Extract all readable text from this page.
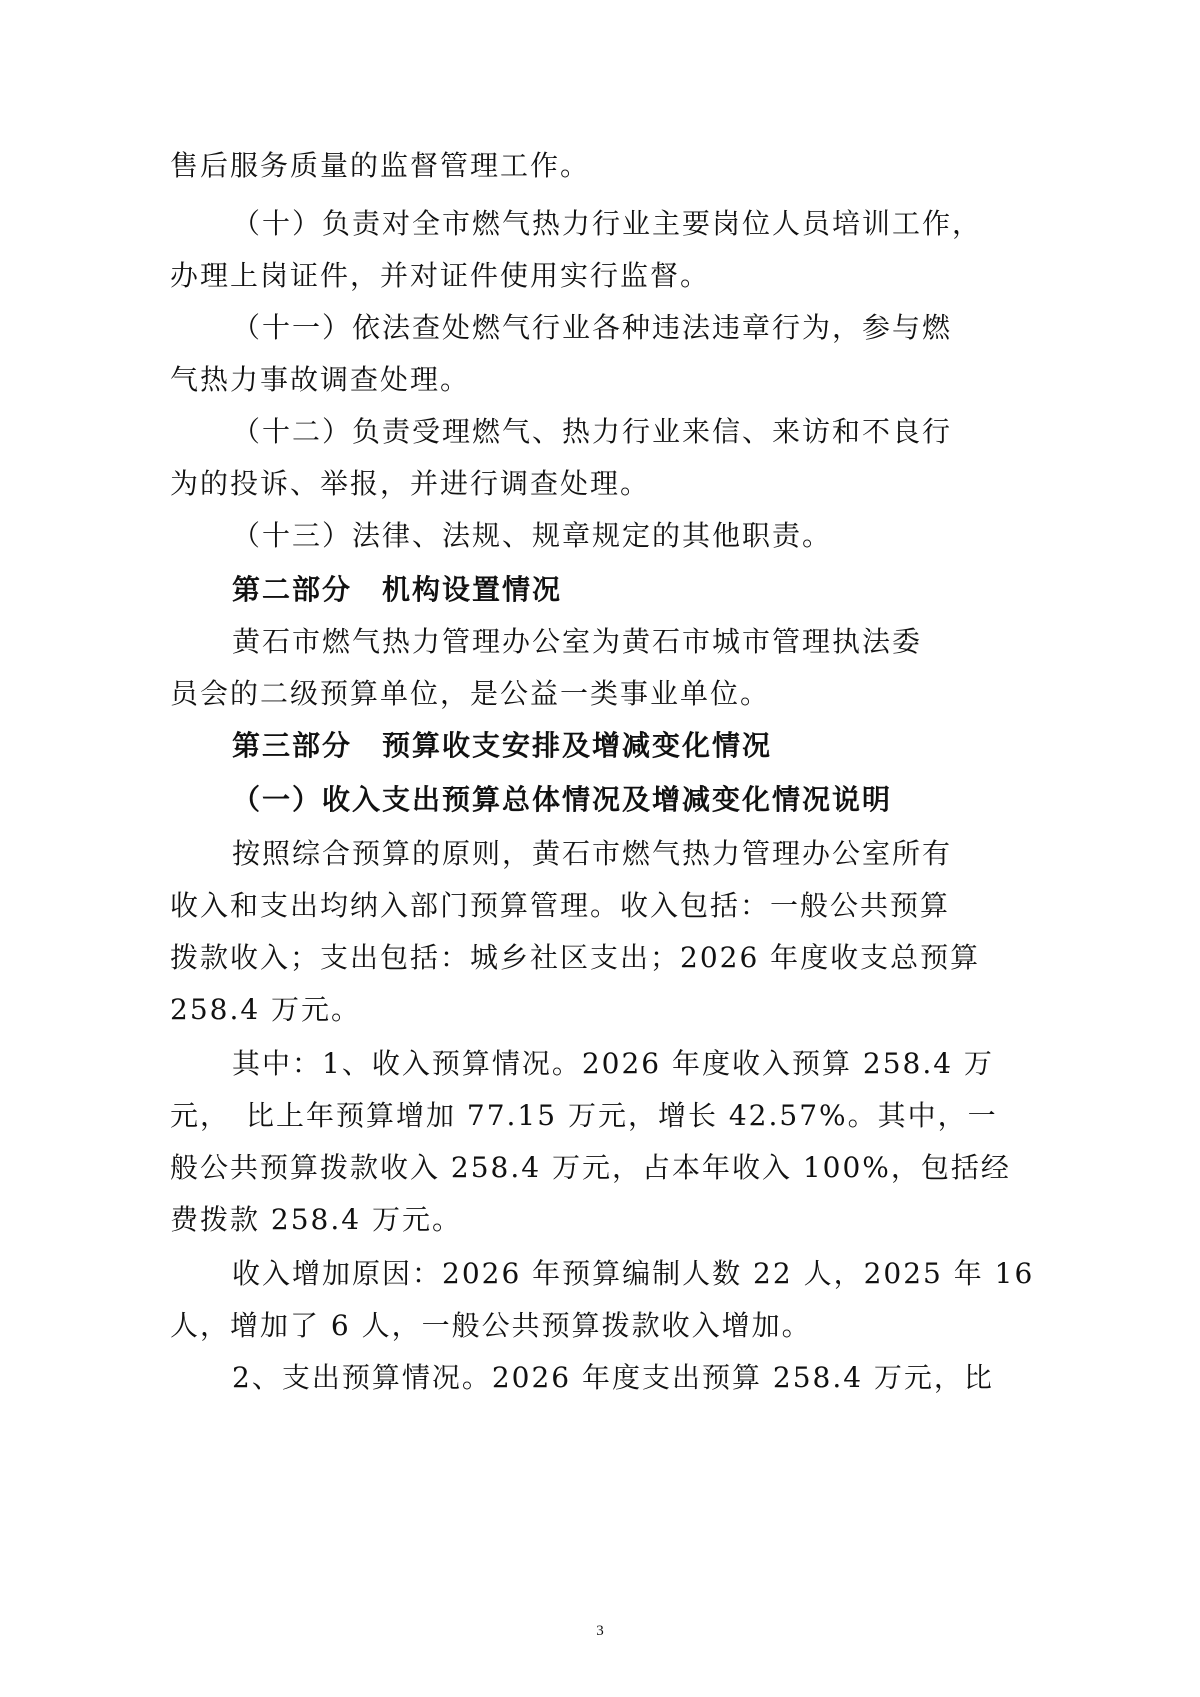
售后服务质量的监督管理工作。
（十）负责对全市燃气热力行业主要岗位人员培训工作，
办理上岗证件，并对证件使用实行监督。
（十一）依法查处燃气行业各种违法违章行为，参与燃
气热力事故调查处理。
（十二）负责受理燃气、热力行业来信、来访和不良行
为的投诉、举报，并进行调查处理。
（十三）法律、法规、规章规定的其他职责。
第二部分　机构设置情况
黄石市燃气热力管理办公室为黄石市城市管理执法委
员会的二级预算单位，是公益一类事业单位。
第三部分　预算收支安排及增减变化情况
（一）收入支出预算总体情况及增减变化情况说明
按照综合预算的原则，黄石市燃气热力管理办公室所有
收入和支出均纳入部门预算管理。收入包括：一般公共预算
拨款收入；支出包括：城乡社区支出；2026 年度收支总预算
258.4 万元。
其中：1、收入预算情况。2026 年度收入预算 258.4 万
元，　比上年预算增加 77.15 万元，增长 42.57%。其中，一
般公共预算拨款收入 258.4 万元，占本年收入 100%，包括经
费拨款 258.4 万元。
收入增加原因：2026 年预算编制人数 22 人，2025 年 16
人，增加了 6 人，一般公共预算拨款收入增加。
2、支出预算情况。2026 年度支出预算 258.4 万元，比
3
